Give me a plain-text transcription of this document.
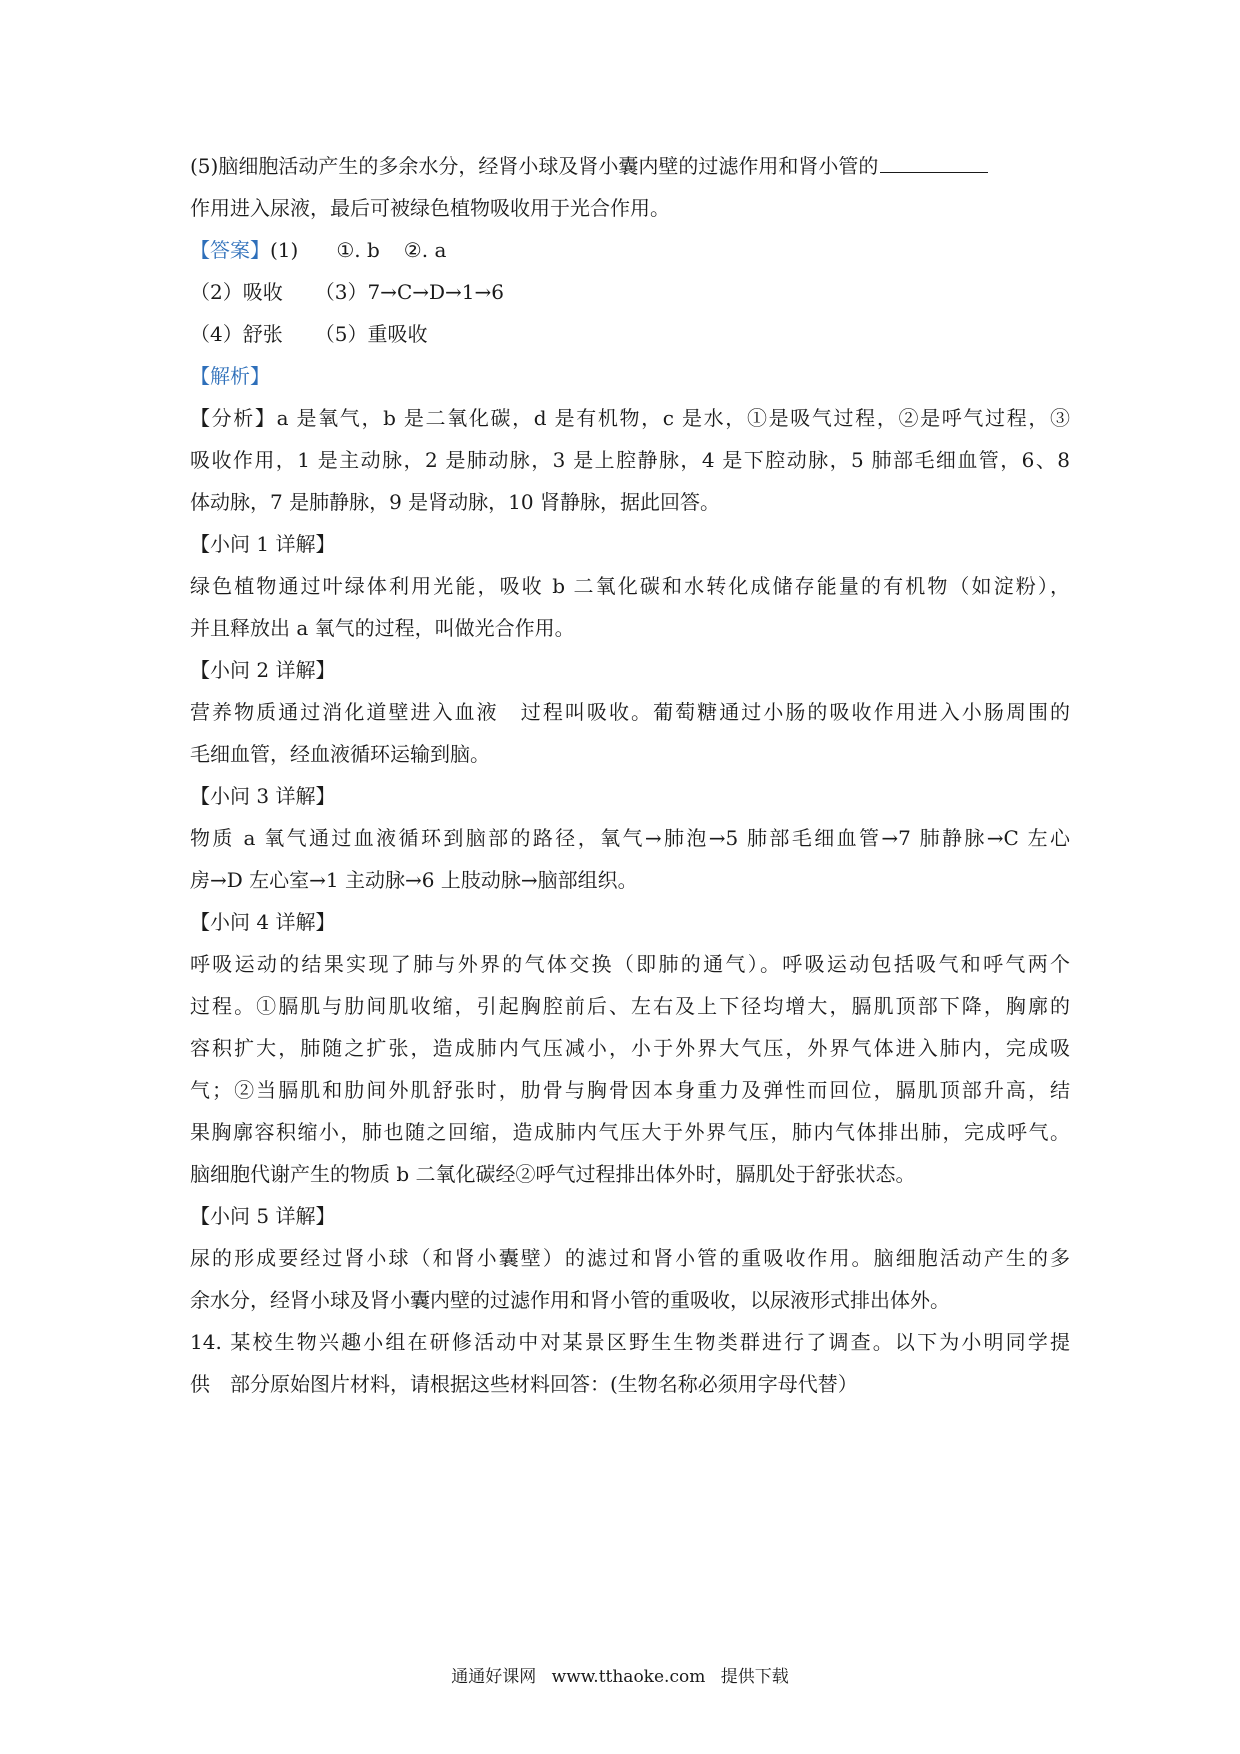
(5)脑细胞活动产生的多余水分，经肾小球及肾小囊内壁的过滤作用和肾小管的
作用进入尿液，最后可被绿色植物吸收用于光合作用。
【答案】(1) ①. b ②. a
（2）吸收 （3）7→C→D→1→6
（4）舒张 （5）重吸收
【解析】
【分析】a 是氧气，b 是二氧化碳，d 是有机物，c 是水，①是吸气过程，②是呼气过程，③
吸收作用，1 是主动脉，2 是肺动脉，3 是上腔静脉，4 是下腔动脉，5 肺部毛细血管，6、8
体动脉，7 是肺静脉，9 是肾动脉，10 肾静脉，据此回答。
【小问 1 详解】
绿色植物通过叶绿体利用光能，吸收 b 二氧化碳和水转化成储存能量的有机物（如淀粉），
并且释放出 a 氧气的过程，叫做光合作用。
【小问 2 详解】
营养物质通过消化道壁进入血液　过程叫吸收。葡萄糖通过小肠的吸收作用进入小肠周围的
毛细血管，经血液循环运输到脑。
【小问 3 详解】
物质 a 氧气通过血液循环到脑部的路径，氧气→肺泡→5 肺部毛细血管→7 肺静脉→C 左心
房→D 左心室→1 主动脉→6 上肢动脉→脑部组织。
【小问 4 详解】
呼吸运动的结果实现了肺与外界的气体交换（即肺的通气）。呼吸运动包括吸气和呼气两个
过程。①膈肌与肋间肌收缩，引起胸腔前后、左右及上下径均增大，膈肌顶部下降，胸廓的
容积扩大，肺随之扩张，造成肺内气压减小，小于外界大气压，外界气体进入肺内，完成吸
气；②当膈肌和肋间外肌舒张时，肋骨与胸骨因本身重力及弹性而回位，膈肌顶部升高，结
果胸廓容积缩小，肺也随之回缩，造成肺内气压大于外界气压，肺内气体排出肺，完成呼气。
脑细胞代谢产生的物质 b 二氧化碳经②呼气过程排出体外时，膈肌处于舒张状态。
【小问 5 详解】
尿的形成要经过肾小球（和肾小囊壁）的滤过和肾小管的重吸收作用。脑细胞活动产生的多
余水分，经肾小球及肾小囊内壁的过滤作用和肾小管的重吸收，以尿液形式排出体外。
14. 某校生物兴趣小组在研修活动中对某景区野生生物类群进行了调查。以下为小明同学提
供　部分原始图片材料，请根据这些材料回答：(生物名称必须用字母代替）
通通好课网 www.tthaoke.com 提供下载
